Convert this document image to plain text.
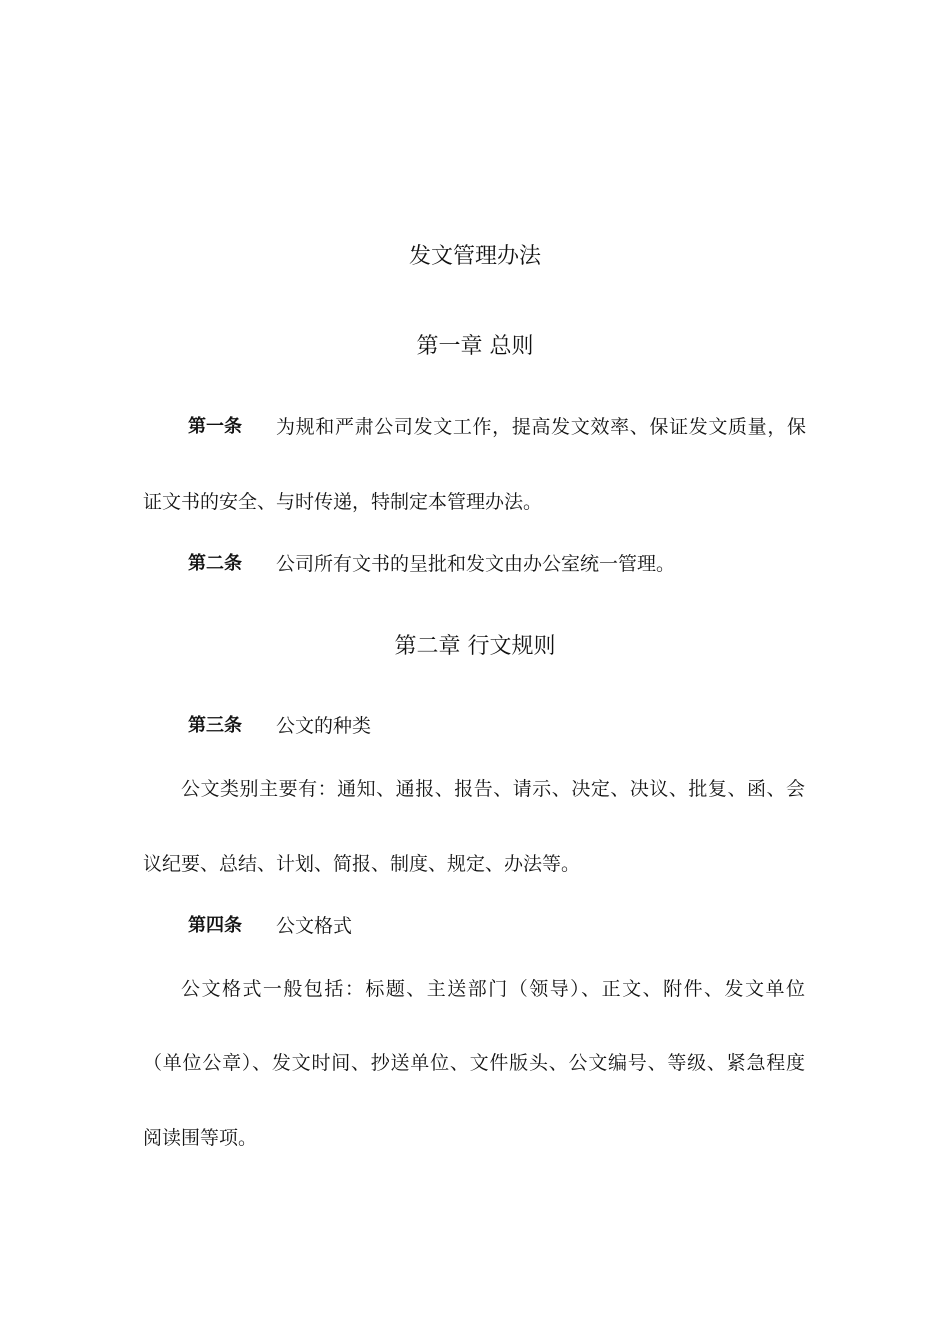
发文管理办法
第一章 总则
第一条 为规和严肃公司发文工作，提高发文效率、保证发文质量，保
证文书的安全、与时传递，特制定本管理办法。
第二条 公司所有文书的呈批和发文由办公室统一管理。
第二章 行文规则
第三条 公文的种类
公文类别主要有：通知、通报、报告、请示、决定、决议、批复、函、会
议纪要、总结、计划、简报、制度、规定、办法等。
第四条 公文格式
公文格式一般包括：标题、主送部门（领导）、正文、附件、发文单位
（单位公章）、发文时间、抄送单位、文件版头、公文编号、等级、紧急程度
阅读围等项。
